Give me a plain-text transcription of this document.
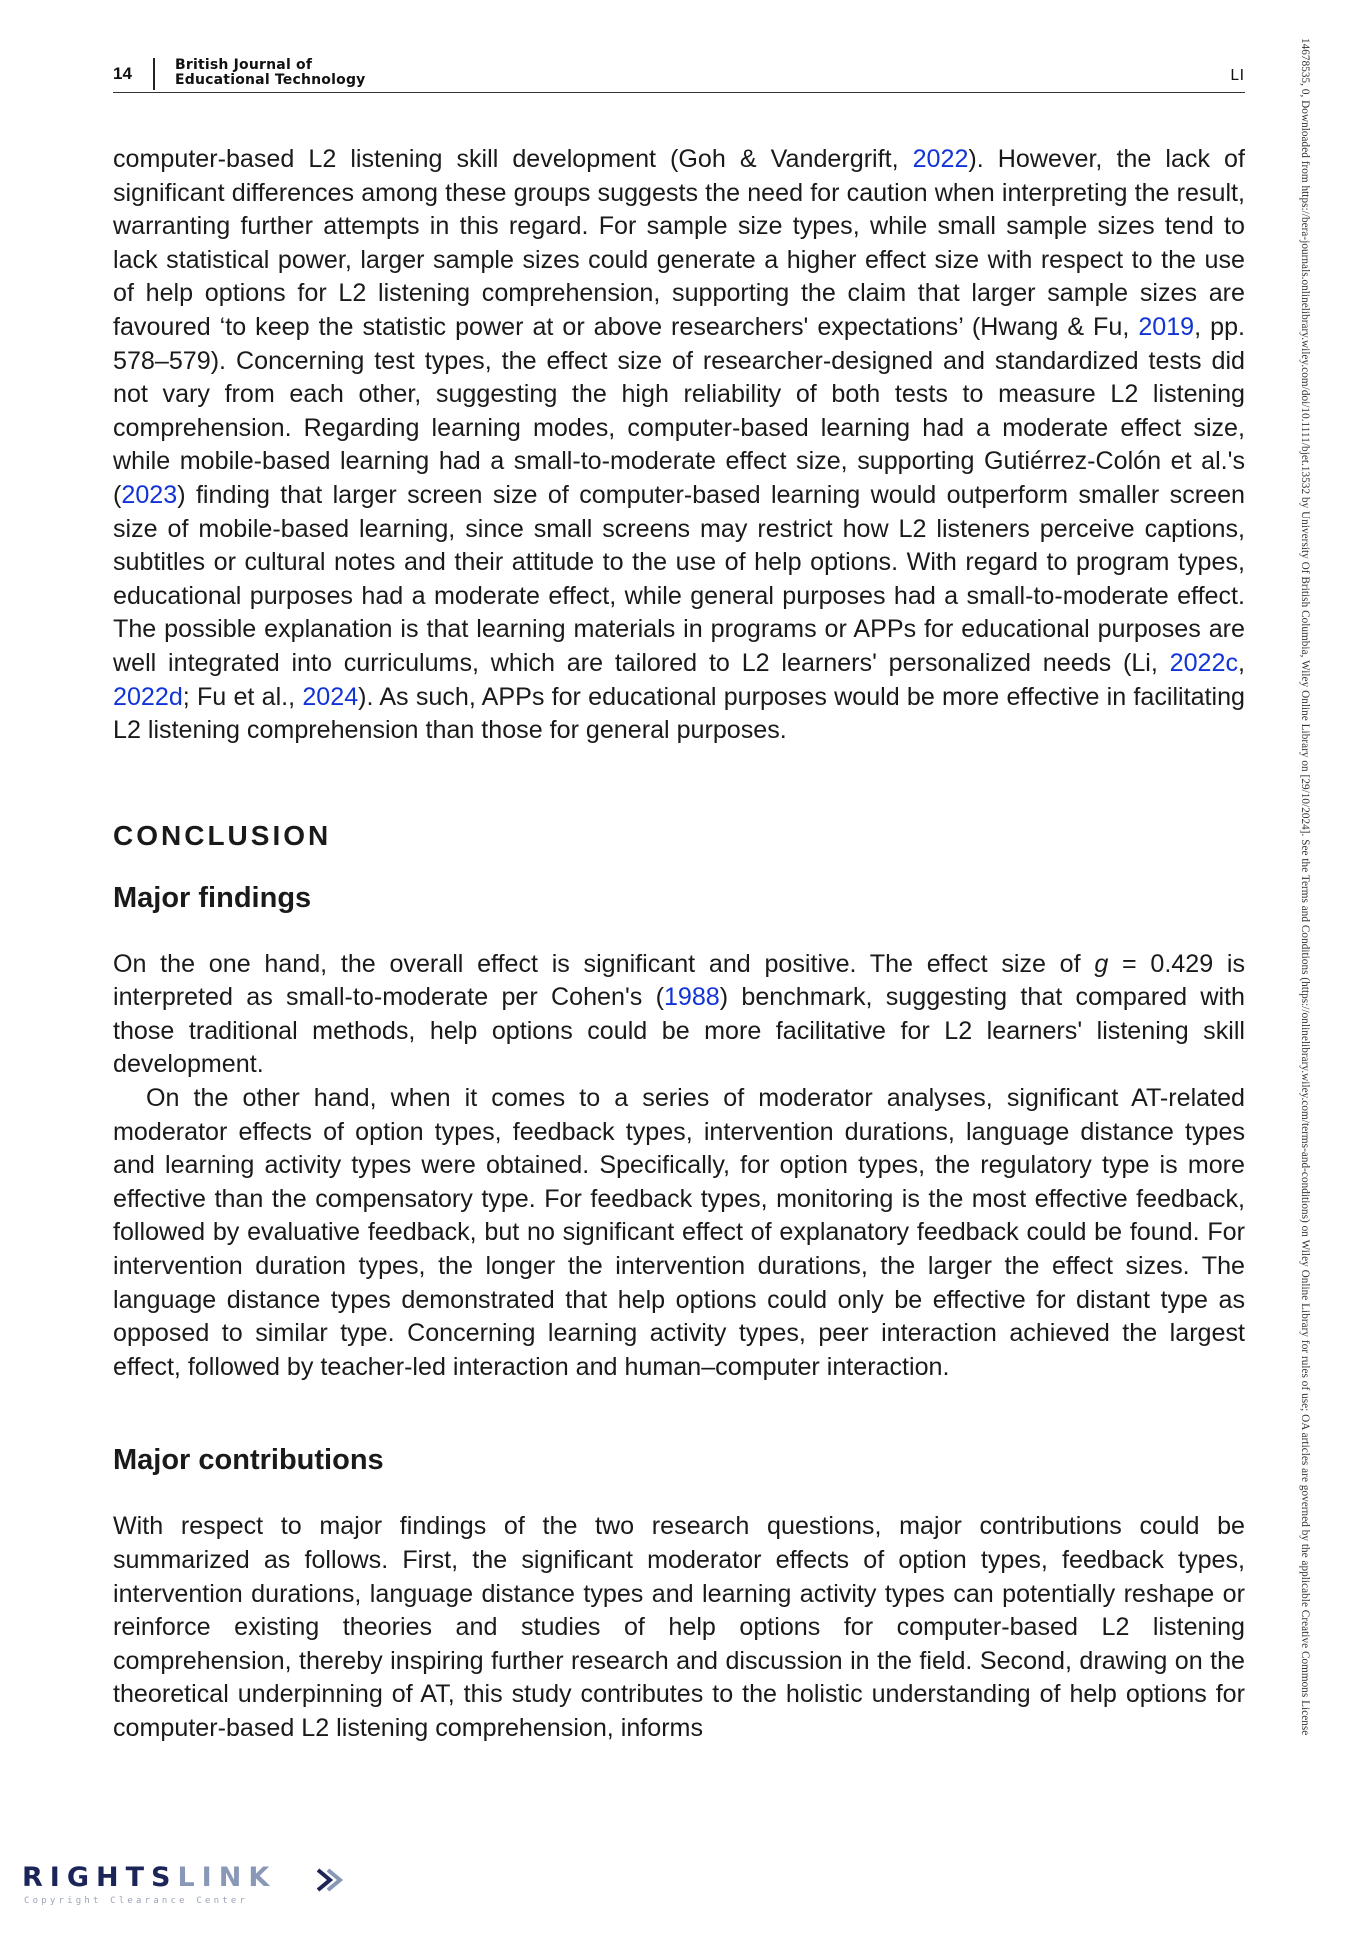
14	British Journal of
Educational Technology	LI

computer-based L2 listening skill development (Goh & Vandergrift, 2022). However, the lack of significant differences among these groups suggests the need for caution when interpreting the result, warranting further attempts in this regard. For sample size types, while small sample sizes tend to lack statistical power, larger sample sizes could generate a higher effect size with respect to the use of help options for L2 listening comprehension, supporting the claim that larger sample sizes are favoured ‘to keep the statistic power at or above researchers' expectations’ (Hwang & Fu, 2019, pp. 578–579). Concerning test types, the effect size of researcher-designed and standardized tests did not vary from each other, suggesting the high reliability of both tests to measure L2 listening comprehension. Regarding learning modes, computer-based learning had a moderate effect size, while mobile-based learning had a small-to-moderate effect size, supporting Gutiérrez-Colón et al.'s (2023) finding that larger screen size of computer-based learning would outperform smaller screen size of mobile-based learning, since small screens may restrict how L2 listeners perceive captions, subtitles or cultural notes and their attitude to the use of help options. With regard to program types, educational purposes had a moderate effect, while general purposes had a small-to-moderate effect. The possible explanation is that learning materials in programs or APPs for educational purposes are well integrated into curriculums, which are tailored to L2 learners' personalized needs (Li, 2022c, 2022d; Fu et al., 2024). As such, APPs for educational purposes would be more effective in facilitating L2 listening comprehension than those for general purposes.

CONCLUSION
Major findings

On the one hand, the overall effect is significant and positive. The effect size of g = 0.429 is interpreted as small-to-moderate per Cohen's (1988) benchmark, suggesting that compared with those traditional methods, help options could be more facilitative for L2 learners' listening skill development.

On the other hand, when it comes to a series of moderator analyses, significant AT-related moderator effects of option types, feedback types, intervention durations, language distance types and learning activity types were obtained. Specifically, for option types, the regulatory type is more effective than the compensatory type. For feedback types, monitoring is the most effective feedback, followed by evaluative feedback, but no significant effect of explanatory feedback could be found. For intervention duration types, the longer the intervention durations, the larger the effect sizes. The language distance types demonstrated that help options could only be effective for distant type as opposed to similar type. Concerning learning activity types, peer interaction achieved the largest effect, followed by teacher-led interaction and human–computer interaction.

Major contributions

With respect to major findings of the two research questions, major contributions could be summarized as follows. First, the significant moderator effects of option types, feedback types, intervention durations, language distance types and learning activity types can potentially reshape or reinforce existing theories and studies of help options for computer-based L2 listening comprehension, thereby inspiring further research and discussion in the field. Second, drawing on the theoretical underpinning of AT, this study contributes to the holistic understanding of help options for computer-based L2 listening comprehension, informs	14678535, 0, Downloaded from https://bera-journals.onlinelibrary.wiley.com/doi/10.1111/bjet.13532 by University Of British Columbia, Wiley Online Library on [29/10/2024]. See the Terms and Conditions (https://onlinelibrary.wiley.com/terms-and-conditions) on Wiley Online Library for rules of use; OA articles are governed by the applicable Creative Commons License
RIGHTSLINK
Copyright Clearance Center
